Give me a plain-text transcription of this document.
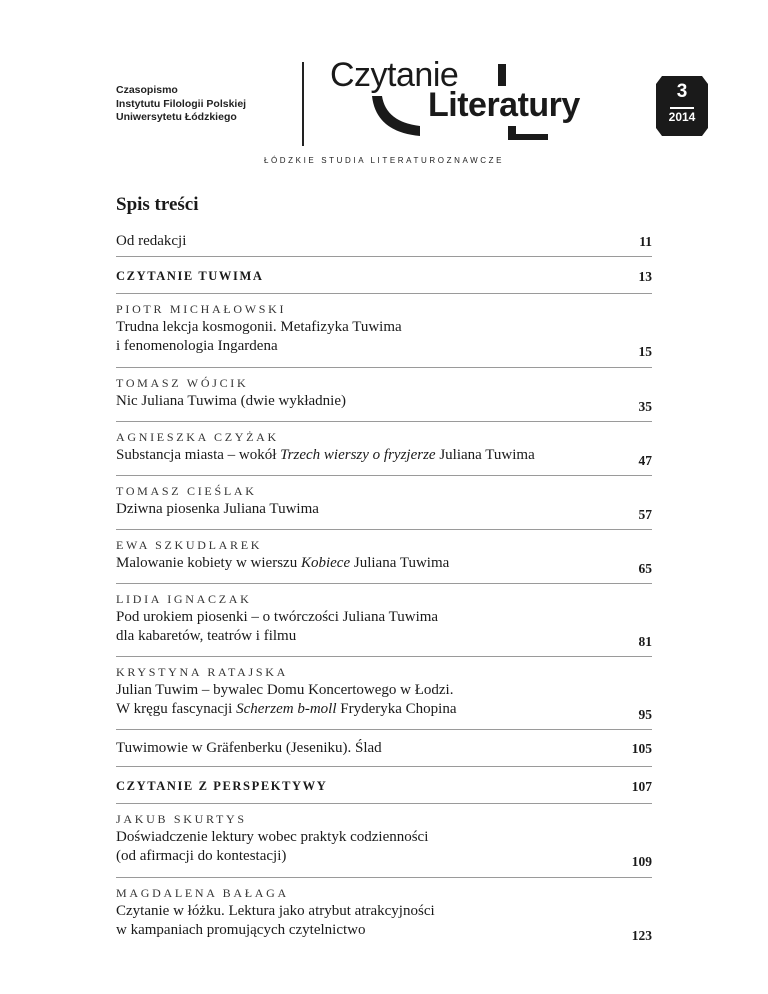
Czasopismo
Instytutu Filologii Polskiej
Uniwersytetu Łódzkiego
Czytanie
Literatury	3
2014
ŁÓDZKIE STUDIA LITERATUROZNAWCZE
Spis treści
Od redakcji	11
CZYTANIE TUWIMA	13
PIOTR MICHAŁOWSKI
Trudna lekcja kosmogonii. Metafizyka Tuwima
i fenomenologia Ingardena	15
TOMASZ WÓJCIK
Nic Juliana Tuwima (dwie wykładnie)	35
AGNIESZKA CZYŻAK
Substancja miasta – wokół Trzech wierszy o fryzjerze Juliana Tuwima	47
TOMASZ CIEŚLAK
Dziwna piosenka Juliana Tuwima	57
EWA SZKUDLAREK
Malowanie kobiety w wierszu Kobiece Juliana Tuwima	65
LIDIA IGNACZAK
Pod urokiem piosenki – o twórczości Juliana Tuwima
dla kabaretów, teatrów i filmu	81
KRYSTYNA RATAJSKA
Julian Tuwim – bywalec Domu Koncertowego w Łodzi.
W kręgu fascynacji Scherzem b-moll Fryderyka Chopina	95
Tuwimowie w Gräfenberku (Jeseniku). Ślad	105
CZYTANIE Z PERSPEKTYWY	107
JAKUB SKURTYS
Doświadczenie lektury wobec praktyk codzienności
(od afirmacji do kontestacji)	109
MAGDALENA BAŁAGA
Czytanie w łóżku. Lektura jako atrybut atrakcyjności
w kampaniach promujących czytelnictwo	123
